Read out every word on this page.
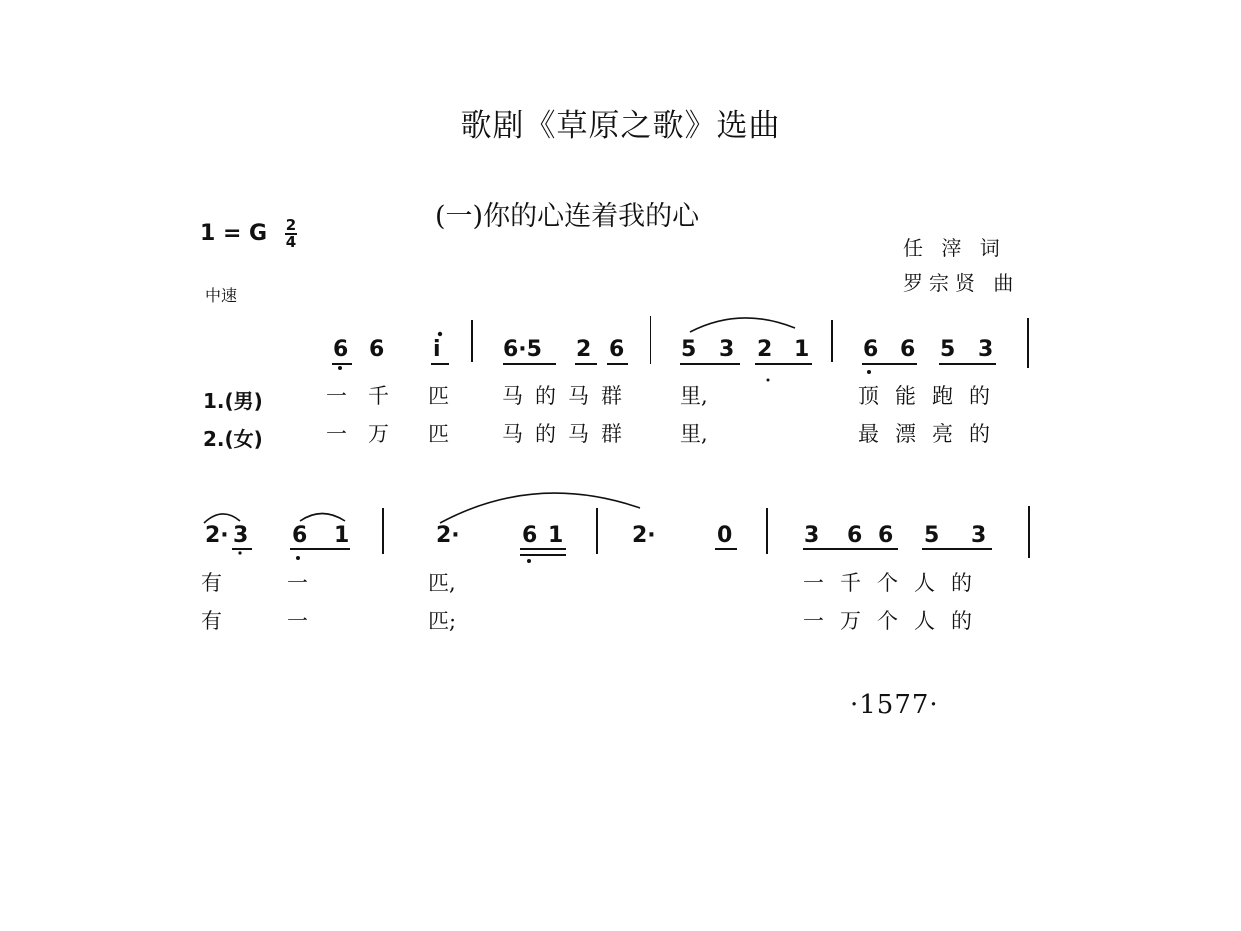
歌剧《草原之歌》选曲
(一)你的心连着我的心
1 = G $\frac{2}{4}$	任 滓 词
罗宗贤 曲
中速
6 6 i	6·5 2 6	5 3 2 1 6 6 5 3
1.(男)	一 千 匹	马的马群 里,	顶能跑的
2.(女)	一 万 匹	马的马群 里,	最漂亮的
2· 3 6 1	2·	6 1	2·	0	3 6 6 5 3
有	一	匹,	一千个人的
有	一	匹;	一万个人的
·1577·
